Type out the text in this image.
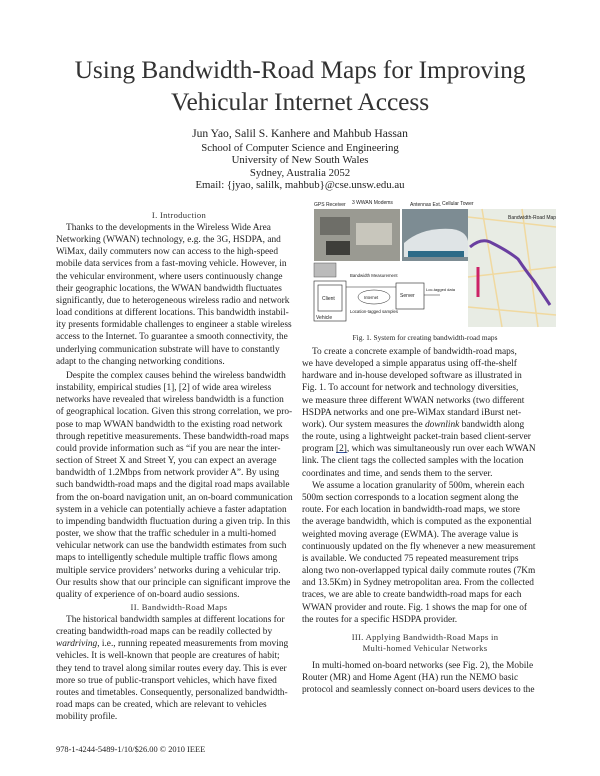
Using Bandwidth-Road Maps for Improving
Vehicular Internet Access
Jun Yao, Salil S. Kanhere and Mahbub Hassan
School of Computer Science and Engineering
University of New South Wales
Sydney, Australia 2052
Email: {jyao, salilk, mahbub}@cse.unsw.edu.au
I. Introduction
Thanks to the developments in the Wireless Wide Area
Networking (WWAN) technology, e.g. the 3G, HSDPA, and
WiMax, daily commuters now can access to the high-speed
mobile data services from a fast-moving vehicle. However, in
the vehicular environment, where users continuously change
their geographic locations, the WWAN bandwidth fluctuates
significantly, due to heterogeneous wireless radio and network
load conditions at different locations. This bandwidth instabil-
ity presents formidable challenges to engineer a stable wireless
access to the Internet. To guarantee a smooth connectivity, the
underlying communication substrate will have to constantly
adapt to the changing networking conditions.
Despite the complex causes behind the wireless bandwidth
instability, empirical studies [1], [2] of wide area wireless
networks have revealed that wireless bandwidth is a function
of geographical location. Given this strong correlation, we pro-
pose to map WWAN bandwidth to the existing road network
through repetitive measurements. These bandwidth-road maps
could provide information such as “if you are near the inter-
section of Street X and Street Y, you can expect an average
bandwidth of 1.2Mbps from network provider A”. By using
such bandwidth-road maps and the digital road maps available
from the on-board navigation unit, an on-board communication
system in a vehicle can potentially achieve a faster adaptation
to impending bandwidth fluctuation during a given trip. In this
poster, we show that the traffic scheduler in a multi-homed
vehicular network can use the bandwidth estimates from such
maps to intelligently schedule multiple traffic flows among
multiple service providers’ networks during a vehicular trip.
Our results show that our principle can significant improve the
quality of experience of on-board audio sessions.
II. Bandwidth-Road Maps
The historical bandwidth samples at different locations for
creating bandwidth-road maps can be readily collected by
wardriving, i.e., running repeated measurements from moving
vehicles. It is well-known that people are creatures of habit;
they tend to travel along similar routes every day. This is ever
more so true of public-transport vehicles, which have fixed
routes and timetables. Consequently, personalized bandwidth-
road maps can be created, which are relevant to vehicles
mobility profile.
GPS Receiver 3 WWAN Modems	Antennas Ext. Cellular Tower
Client
Vehicle
Bandwidth Measurement
Internet
Location-tagged samples
Server
Loc-tagged data
Bandwidth-Road Map
Fig. 1. System for creating bandwidth-road maps
To create a concrete example of bandwidth-road maps,
we have developed a simple apparatus using off-the-shelf
hardware and in-house developed software as illustrated in
Fig. 1. To account for network and technology diversities,
we measure three different WWAN networks (two different
HSDPA networks and one pre-WiMax standard iBurst net-
work). Our system measures the downlink bandwidth along
the route, using a lightweight packet-train based client-server
program [2], which was simultaneously run over each WWAN
link. The client tags the collected samples with the location
coordinates and time, and sends them to the server.
We assume a location granularity of 500m, wherein each
500m section corresponds to a location segment along the
route. For each location in bandwidth-road maps, we store
the average bandwidth, which is computed as the exponential
weighted moving average (EWMA). The average value is
continuously updated on the fly whenever a new measurement
is available. We conducted 75 repeated measurement trips
along two non-overlapped typical daily commute routes (7Km
and 13.5Km) in Sydney metropolitan area. From the collected
traces, we are able to create bandwidth-road maps for each
WWAN provider and route. Fig. 1 shows the map for one of
the routes for a specific HSDPA provider.
III. Applying Bandwidth-Road Maps in
Multi-homed Vehicular Networks
In multi-homed on-board networks (see Fig. 2), the Mobile
Router (MR) and Home Agent (HA) run the NEMO basic
protocol and seamlessly connect on-board users devices to the
978-1-4244-5489-1/10/$26.00 © 2010 IEEE
